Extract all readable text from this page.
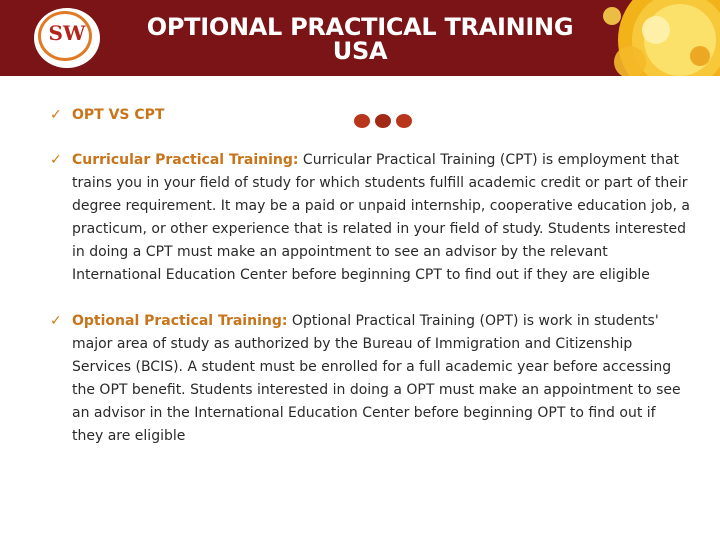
SW	OPTIONAL PRACTICAL TRAINING
USA
✓ OPT VS CPT
✓ Curricular Practical Training: Curricular Practical Training (CPT) is employment that trains you in your field of study for which students fulfill academic credit or part of their degree requirement. It may be a paid or unpaid internship, cooperative education job, a practicum, or other experience that is related in your field of study. Students interested in doing a CPT must make an appointment to see an advisor by the relevant International Education Center before beginning CPT to find out if they are eligible
✓ Optional Practical Training: Optional Practical Training (OPT) is work in students' major area of study as authorized by the Bureau of Immigration and Citizenship Services (BCIS). A student must be enrolled for a full academic year before accessing the OPT benefit. Students interested in doing a OPT must make an appointment to see an advisor in the International Education Center before beginning OPT to find out if they are eligible
